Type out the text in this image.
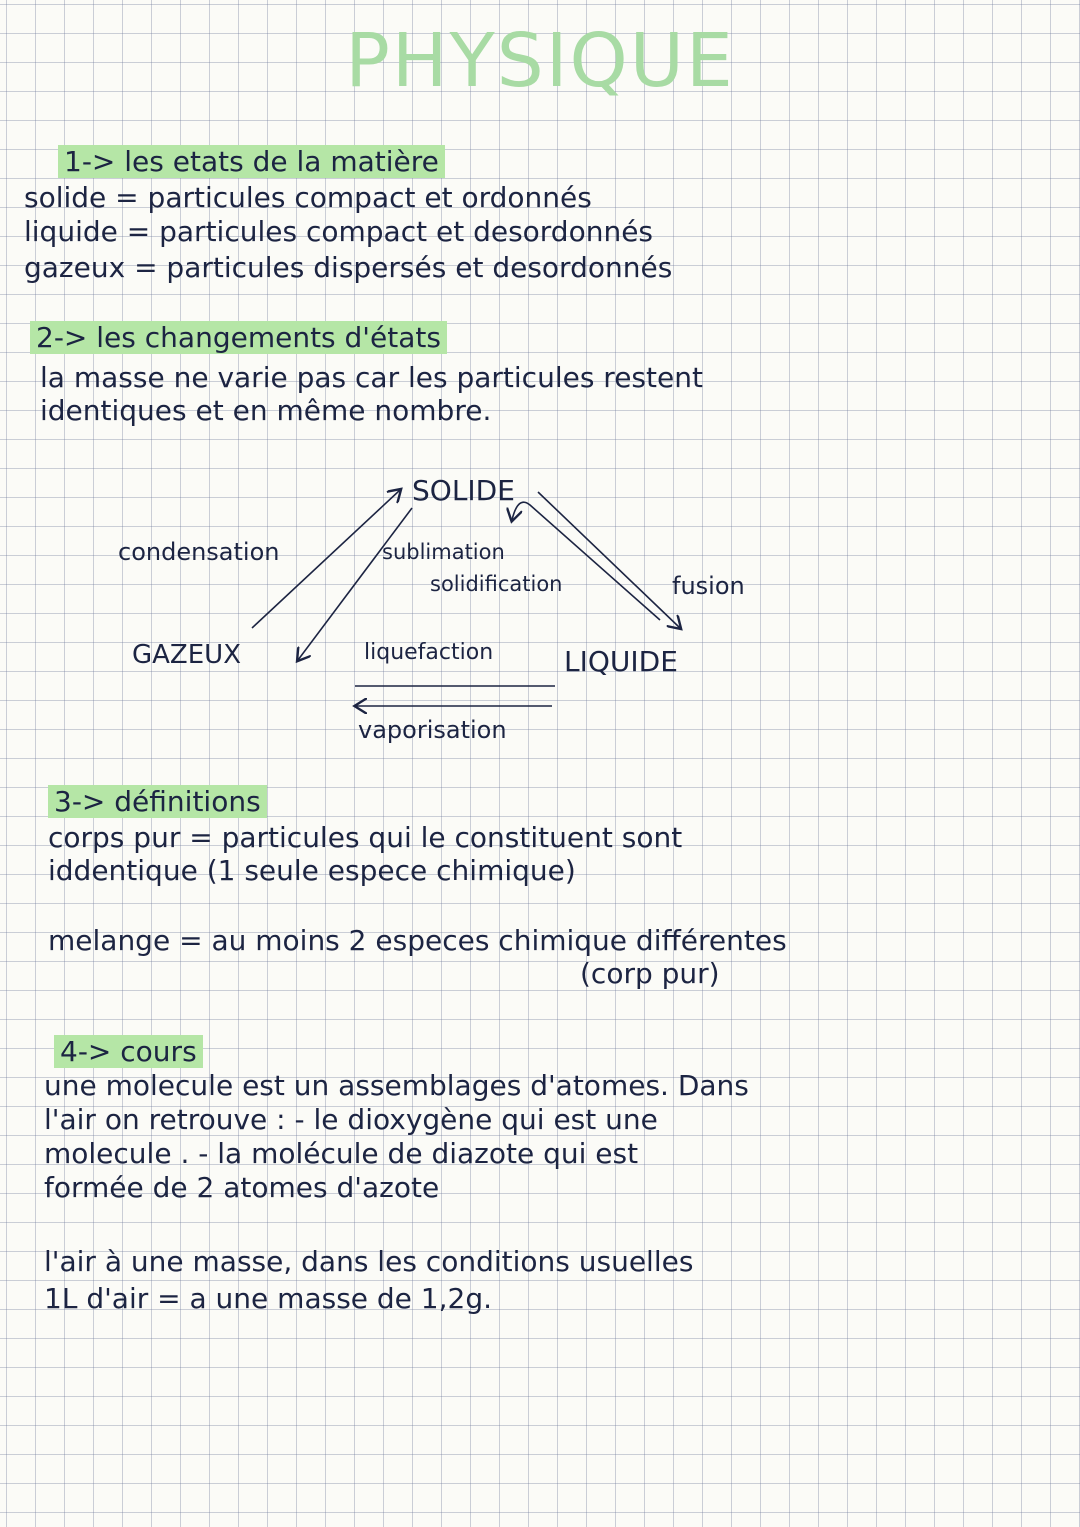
PHYSIQUE
1-> les etats de la matière
solide = particules compact et ordonnés
liquide = particules compact et desordonnés
gazeux = particules dispersés et desordonnés
2-> les changements d'états
la masse ne varie pas car les particules restent
identiques et en même nombre.
SOLIDE
GAZEUX	LIQUIDE
condensation	sublimation
solidification	fusion
liquefaction
vaporisation
3-> définitions
corps pur = particules qui le constituent sont
iddentique (1 seule espece chimique)
melange = au moins 2 especes chimique différentes
(corp pur)
4-> cours
une molecule est un assemblages d'atomes. Dans
l'air on retrouve : - le dioxygène qui est une
molecule . - la molécule de diazote qui est
formée de 2 atomes d'azote
l'air à une masse, dans les conditions usuelles
1L d'air = a une masse de 1,2g.
